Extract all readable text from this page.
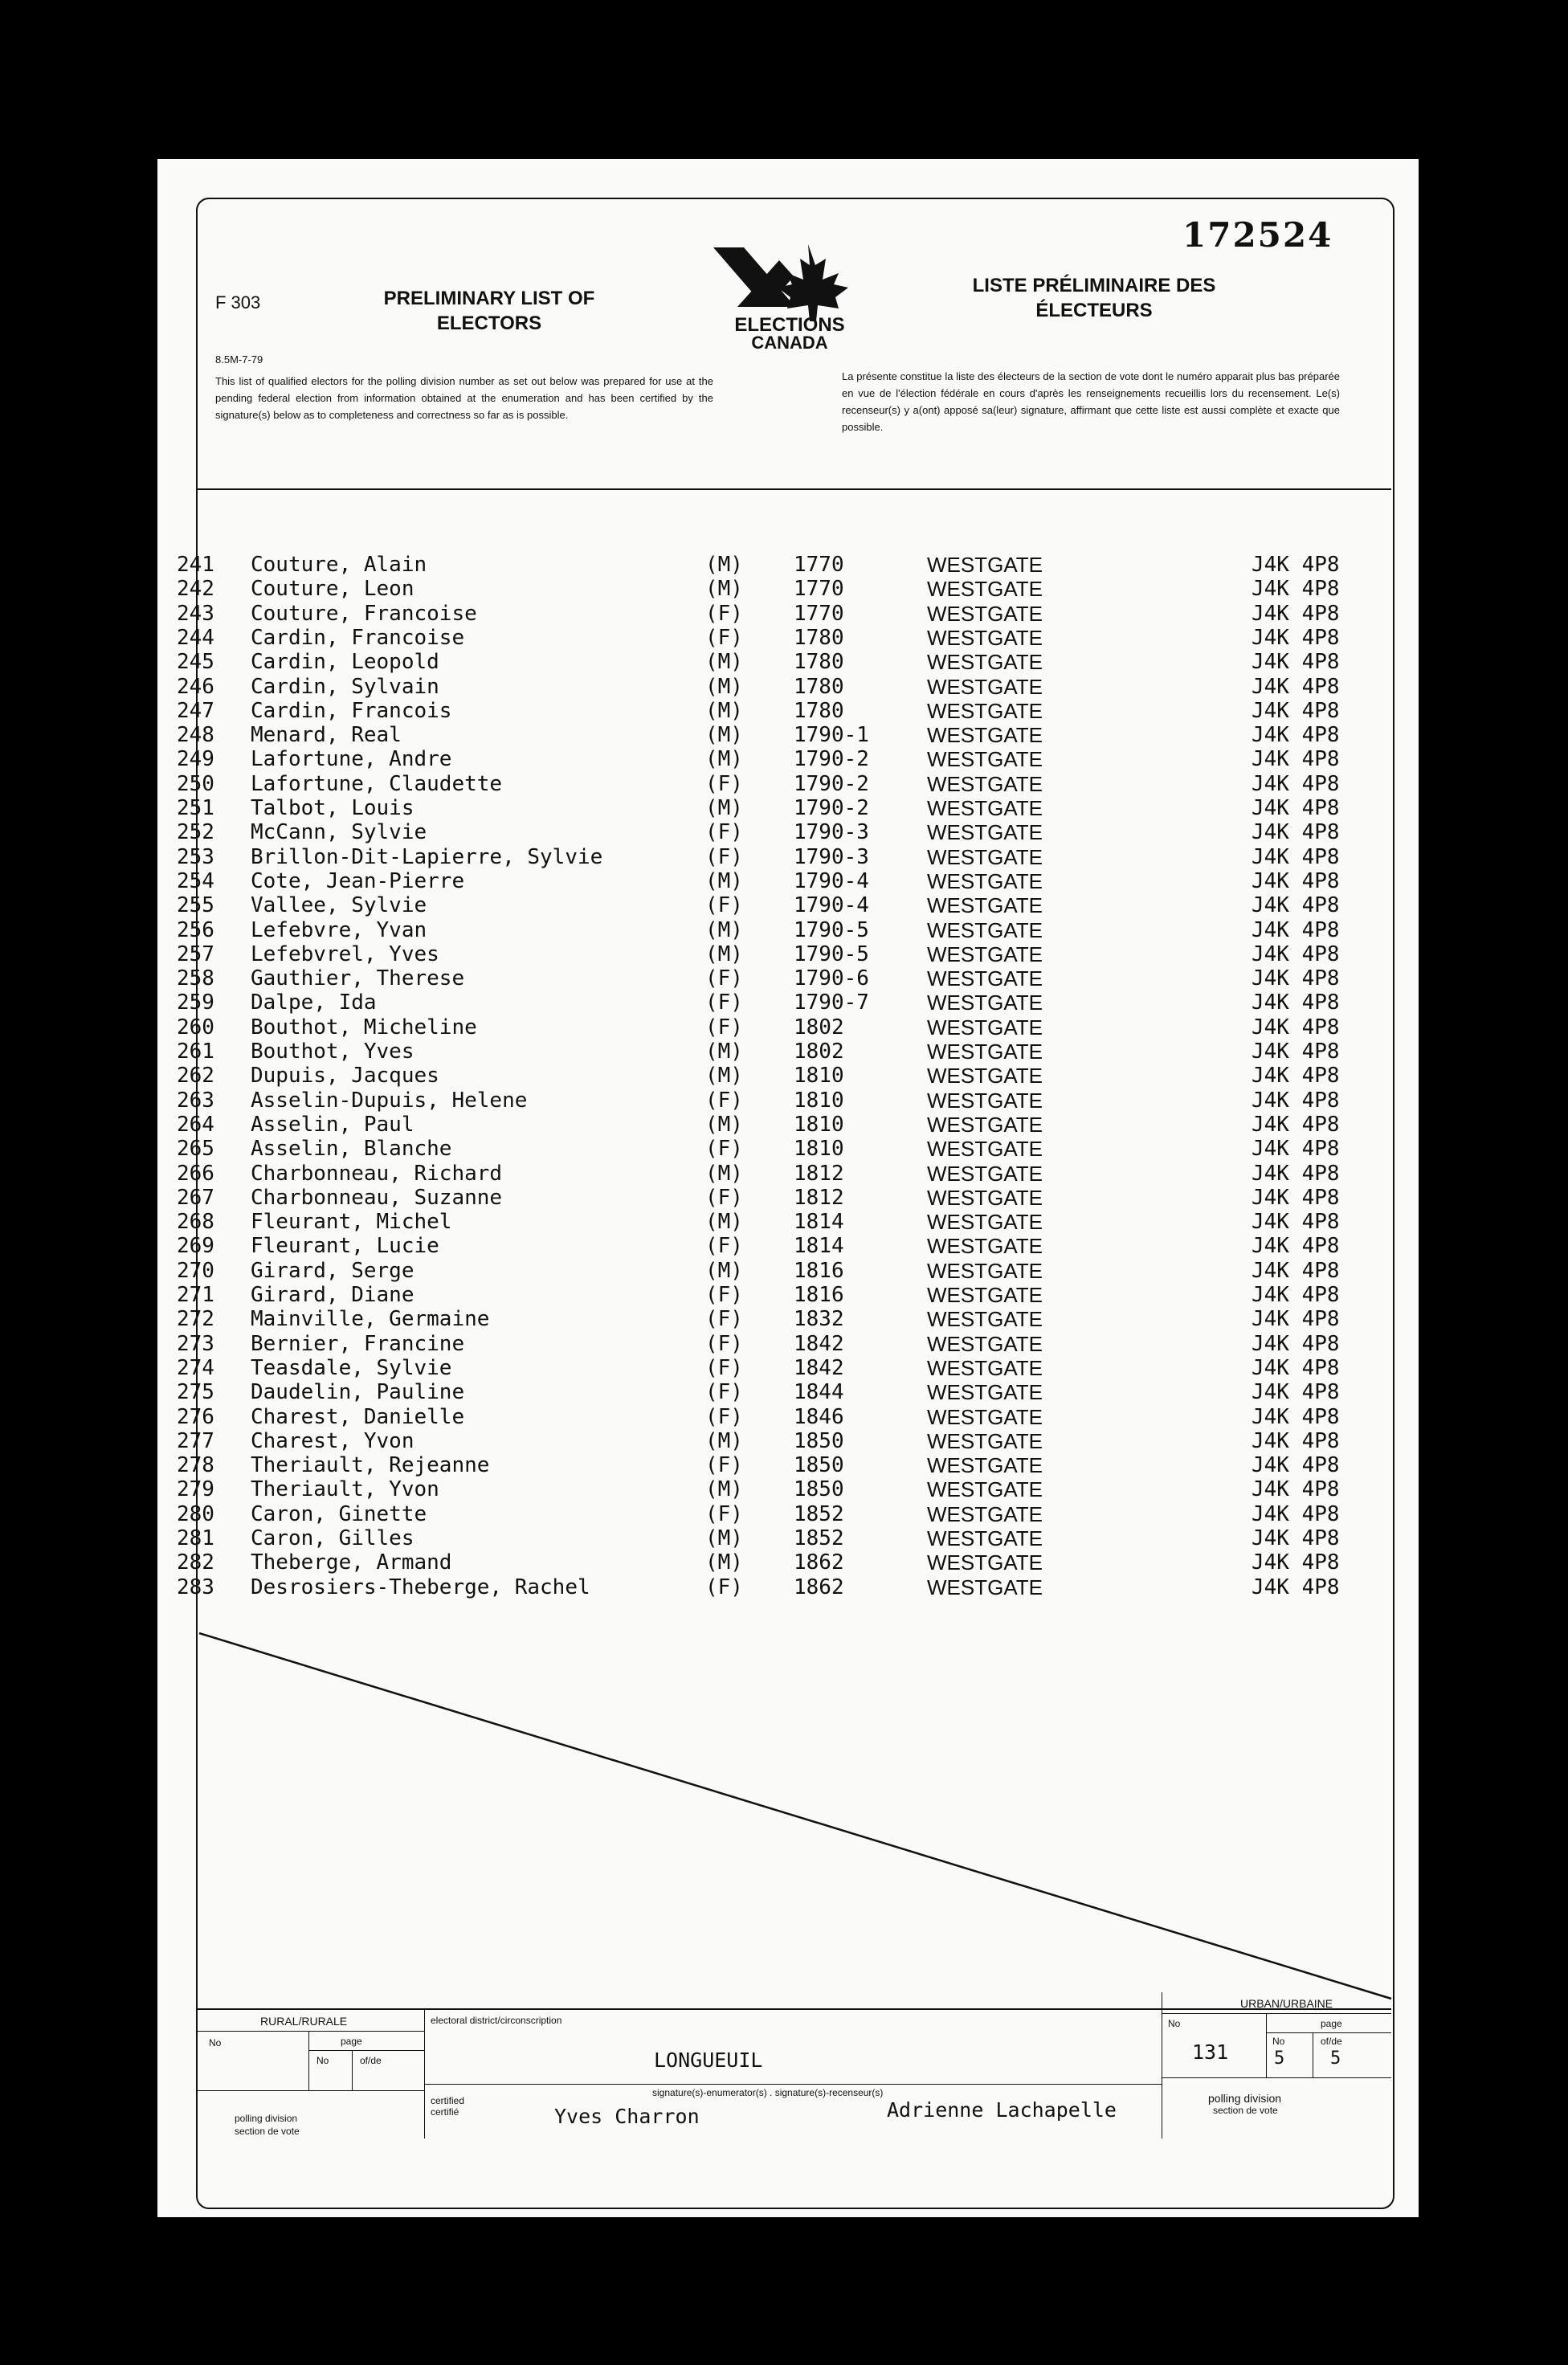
172524
F 303
8.5M-7-79
PRELIMINARY LIST OF
ELECTORS	ELECTIONS
CANADA
LISTE PRÉLIMINAIRE DES
ÉLECTEURS
This list of qualified electors for the polling division number as set out below was prepared for use at the pending federal election from information obtained at the enumeration and has been certified by the signature(s) below as to completeness and correctness so far as is possible.
La présente constitue la liste des électeurs de la section de vote dont le numéro apparait plus bas préparée en vue de l'élection fédérale en cours d'après les renseignements recueillis lors du recensement. Le(s) recenseur(s) y a(ont) apposé sa(leur) signature, affirmant que cette liste est aussi complète et exacte que possible.
241 Couture, Alain	(M) 1770	WESTGATE	J4K 4P8
242 Couture, Leon	(M) 1770	WESTGATE	J4K 4P8
243 Couture, Francoise	(F) 1770	WESTGATE	J4K 4P8
244 Cardin, Francoise	(F) 1780	WESTGATE	J4K 4P8
245 Cardin, Leopold	(M) 1780	WESTGATE	J4K 4P8
246 Cardin, Sylvain	(M) 1780	WESTGATE	J4K 4P8
247 Cardin, Francois	(M) 1780	WESTGATE	J4K 4P8
248 Menard, Real	(M) 1790-1	WESTGATE	J4K 4P8
249 Lafortune, Andre	(M) 1790-2	WESTGATE	J4K 4P8
250 Lafortune, Claudette	(F) 1790-2	WESTGATE	J4K 4P8
251 Talbot, Louis	(M) 1790-2	WESTGATE	J4K 4P8
252 McCann, Sylvie	(F) 1790-3	WESTGATE	J4K 4P8
253 Brillon-Dit-Lapierre, Sylvie	(F) 1790-3	WESTGATE	J4K 4P8
254 Cote, Jean-Pierre	(M) 1790-4	WESTGATE	J4K 4P8
255 Vallee, Sylvie	(F) 1790-4	WESTGATE	J4K 4P8
256 Lefebvre, Yvan	(M) 1790-5	WESTGATE	J4K 4P8
257 Lefebvrel, Yves	(M) 1790-5	WESTGATE	J4K 4P8
258 Gauthier, Therese	(F) 1790-6	WESTGATE	J4K 4P8
259 Dalpe, Ida	(F) 1790-7	WESTGATE	J4K 4P8
260 Bouthot, Micheline	(F) 1802	WESTGATE	J4K 4P8
261 Bouthot, Yves	(M) 1802	WESTGATE	J4K 4P8
262 Dupuis, Jacques	(M) 1810	WESTGATE	J4K 4P8
263 Asselin-Dupuis, Helene	(F) 1810	WESTGATE	J4K 4P8
264 Asselin, Paul	(M) 1810	WESTGATE	J4K 4P8
265 Asselin, Blanche	(F) 1810	WESTGATE	J4K 4P8
266 Charbonneau, Richard	(M) 1812	WESTGATE	J4K 4P8
267 Charbonneau, Suzanne	(F) 1812	WESTGATE	J4K 4P8
268 Fleurant, Michel	(M) 1814	WESTGATE	J4K 4P8
269 Fleurant, Lucie	(F) 1814	WESTGATE	J4K 4P8
270 Girard, Serge	(M) 1816	WESTGATE	J4K 4P8
271 Girard, Diane	(F) 1816	WESTGATE	J4K 4P8
272 Mainville, Germaine	(F) 1832	WESTGATE	J4K 4P8
273 Bernier, Francine	(F) 1842	WESTGATE	J4K 4P8
274 Teasdale, Sylvie	(F) 1842	WESTGATE	J4K 4P8
275 Daudelin, Pauline	(F) 1844	WESTGATE	J4K 4P8
276 Charest, Danielle	(F) 1846	WESTGATE	J4K 4P8
277 Charest, Yvon	(M) 1850	WESTGATE	J4K 4P8
278 Theriault, Rejeanne	(F) 1850	WESTGATE	J4K 4P8
279 Theriault, Yvon	(M) 1850	WESTGATE	J4K 4P8
280 Caron, Ginette	(F) 1852	WESTGATE	J4K 4P8
281 Caron, Gilles	(M) 1852	WESTGATE	J4K 4P8
282 Theberge, Armand	(M) 1862	WESTGATE	J4K 4P8
283 Desrosiers-Theberge, Rachel	(F) 1862	WESTGATE	J4K 4P8
RURAL/RURALE
No	page
No	of/de
polling division
section de vote
electoral district/circonscription
LONGUEUIL
signature(s)-enumerator(s) . signature(s)-recenseur(s)
certified
certifié	Yves Charron	Adrienne Lachapelle
URBAN/URBAINE
No
131
page
No
5
of/de
5
polling division
section de vote
